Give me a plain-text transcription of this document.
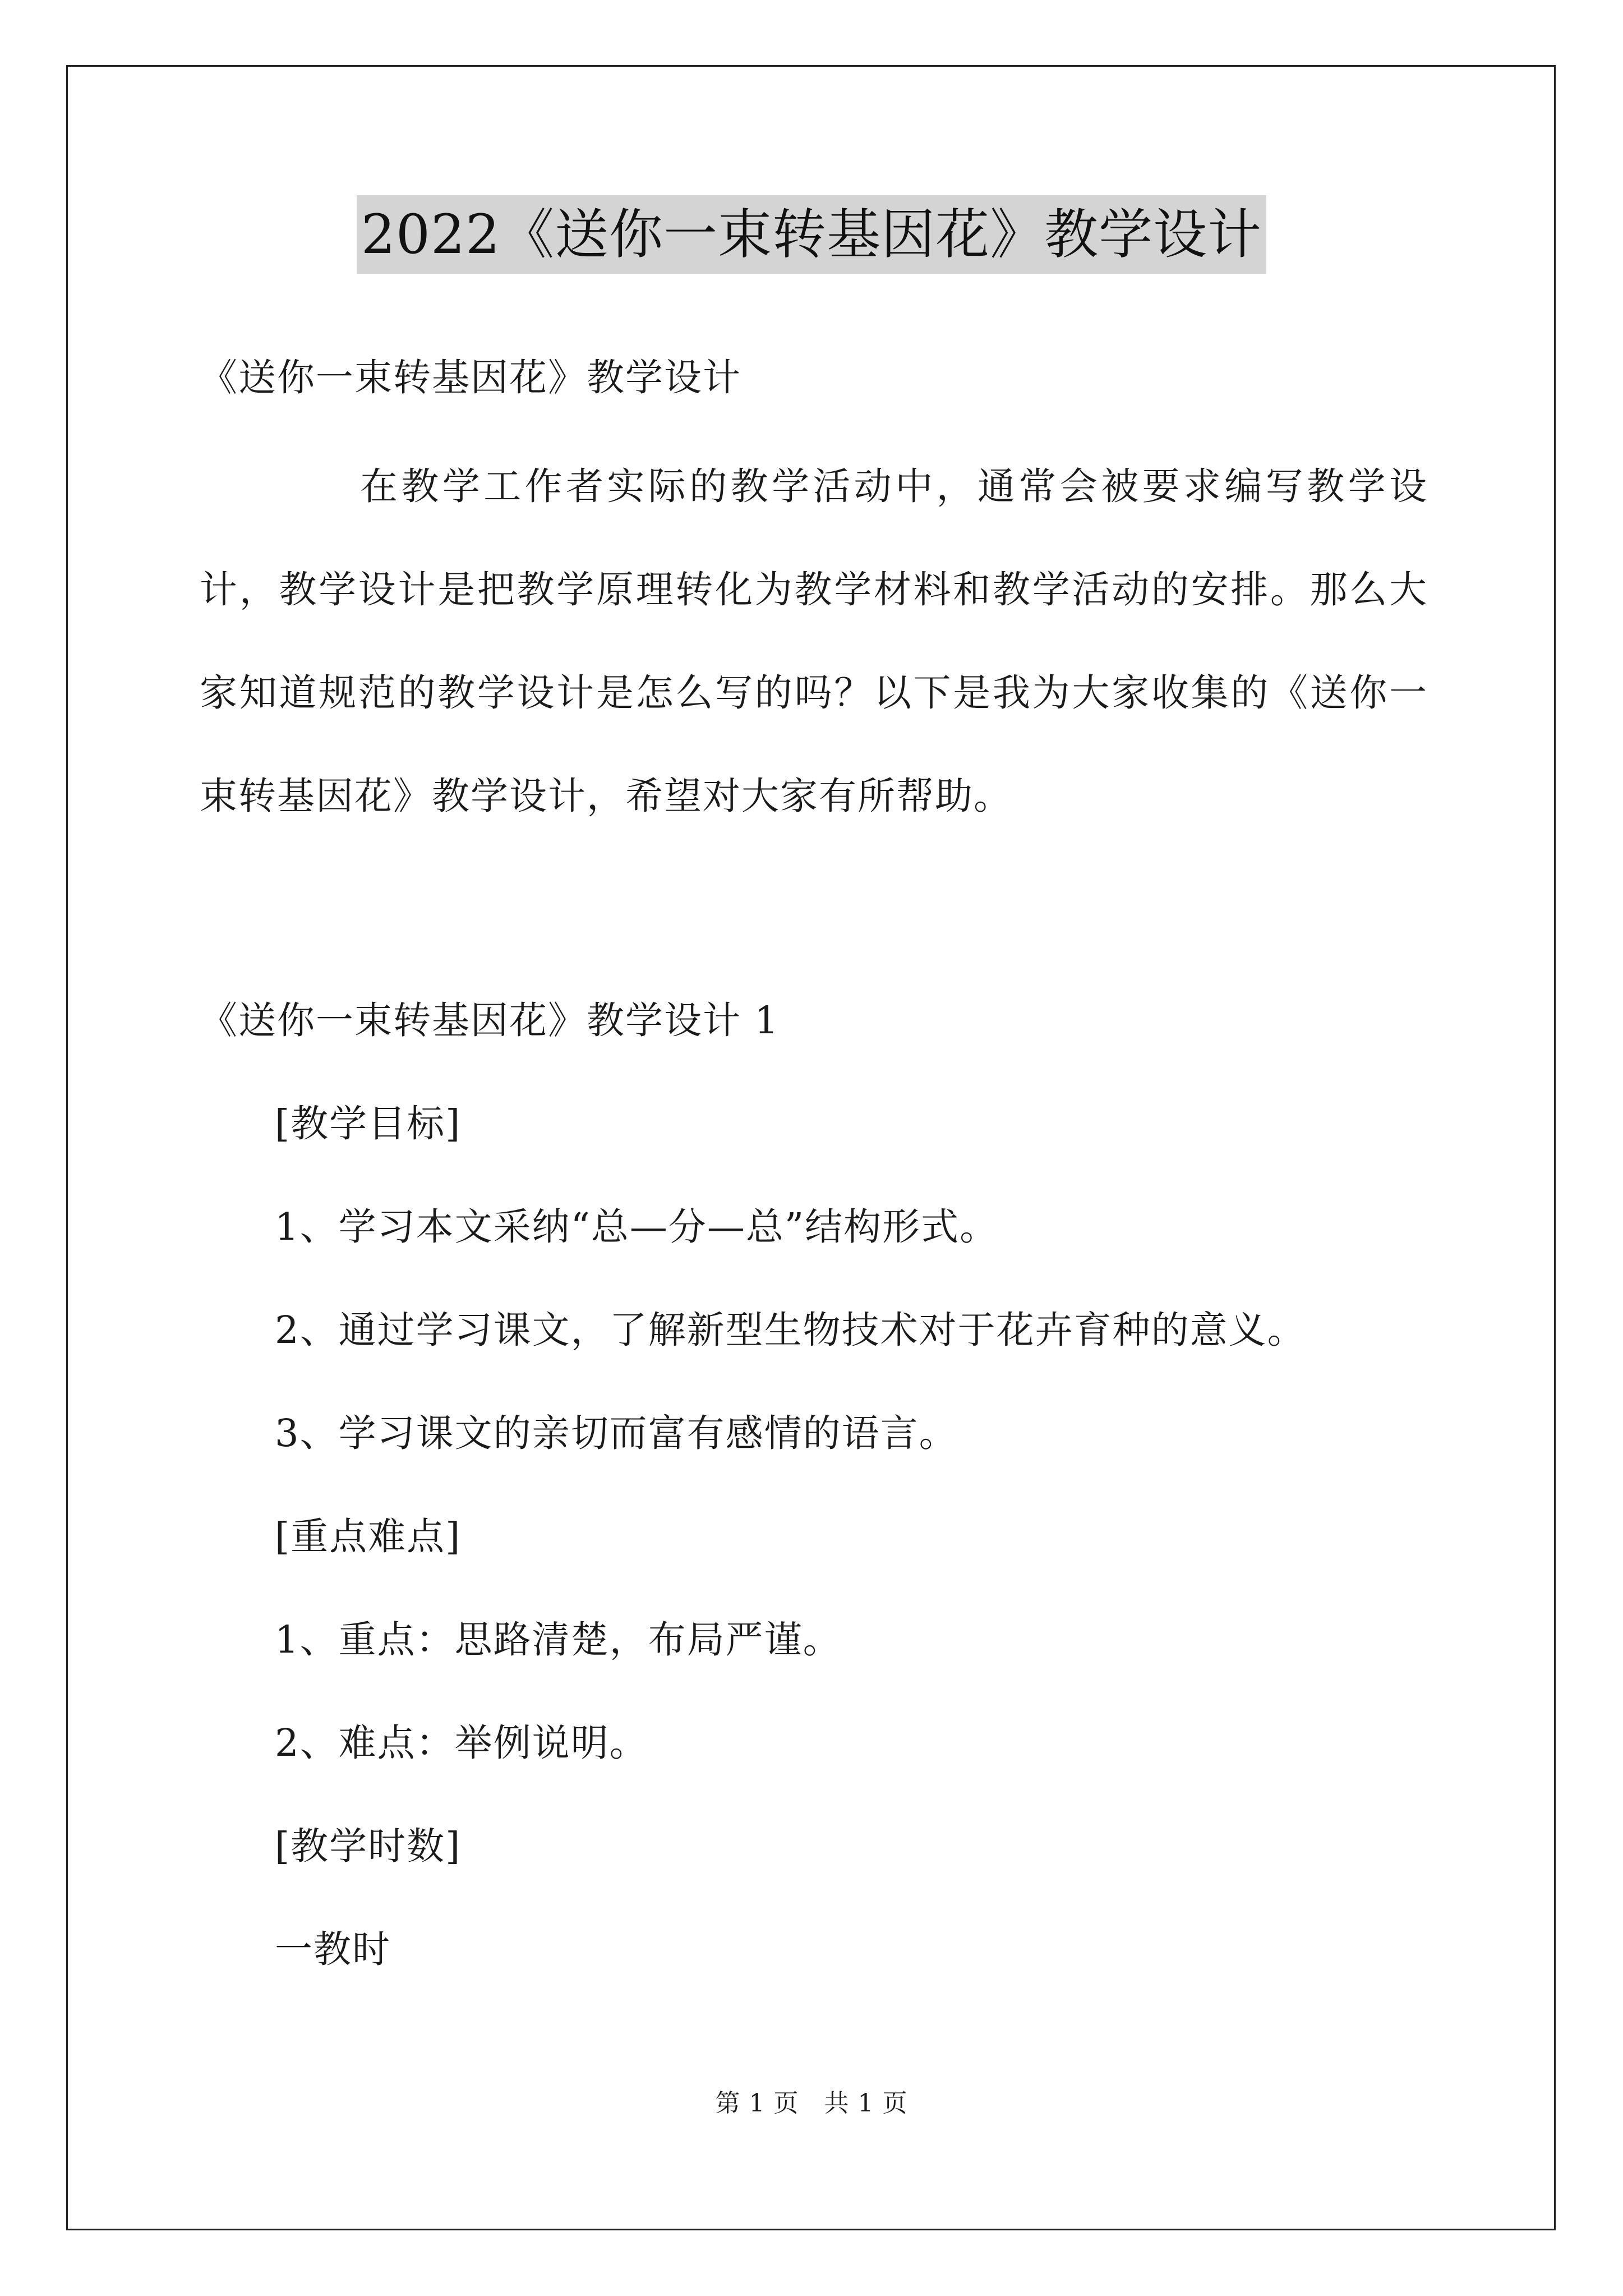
2022《送你一束转基因花》教学设计
《送你一束转基因花》教学设计
在教学工作者实际的教学活动中，通常会被要求编写教学设计，教学设计是把教学原理转化为教学材料和教学活动的安排。那么大家知道规范的教学设计是怎么写的吗？以下是我为大家收集的《送你一束转基因花》教学设计，希望对大家有所帮助。
《送你一束转基因花》教学设计 1
[教学目标]
1、学习本文采纳“总—分—总”结构形式。
2、通过学习课文，了解新型生物技术对于花卉育种的意义。
3、学习课文的亲切而富有感情的语言。
[重点难点]
1、重点：思路清楚，布局严谨。
2、难点：举例说明。
[教学时数]
一教时
第 1 页　共 1 页
